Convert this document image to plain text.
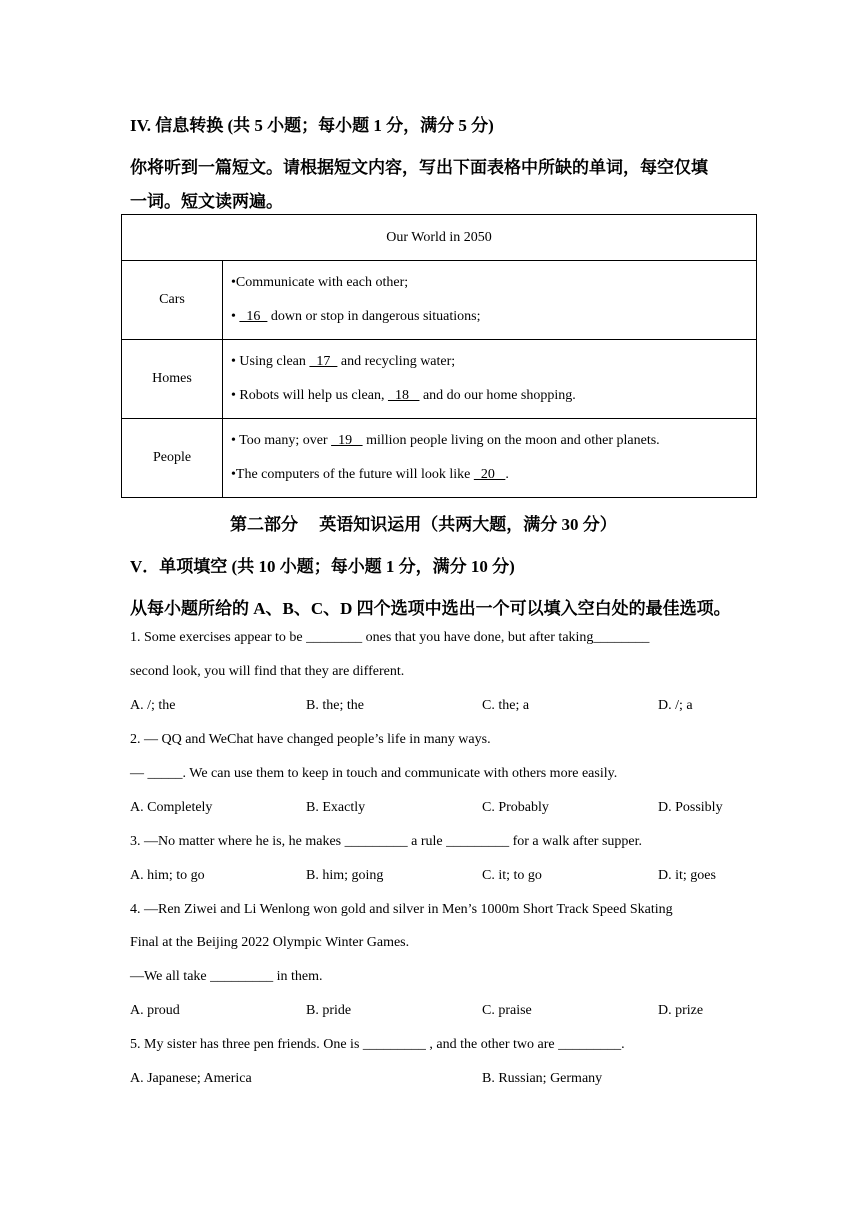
IV. 信息转换 (共 5 小题；每小题 1 分，满分 5 分)
你将听到一篇短文。请根据短文内容，写出下面表格中所缺的单词，每空仅填
一词。短文读两遍。
Our World in 2050	
Cars	•Communicate with each other;
•   16   down or stop in dangerous situations;

Homes	• Using clean   17   and recycling water;
• Robots will help us clean,   18    and do our home shopping.

People	• Too many; over   19    million people living on the moon and other planets.
•The computers of the future will look like   20   .
第二部分　 英语知识运用（共两大题，满分 30 分）
V．单项填空 (共 10 小题；每小题 1 分，满分 10 分)
从每小题所给的 A、B、C、D 四个选项中选出一个可以填入空白处的最佳选项。
1. Some exercises appear to be ________ ones that you have done, but after taking________
second look, you will find that they are different.
A. /; the	B. the; the	C. the; a	D. /; a
2. — QQ and WeChat have changed people’s life in many ways.
— _____. We can use them to keep in touch and communicate with others more easily.
A. Completely	B. Exactly	C. Probably	D. Possibly
3. —No matter where he is, he makes _________ a rule _________ for a walk after supper.
A. him; to go	B. him; going	C. it; to go	D. it; goes
4. —Ren Ziwei and Li Wenlong won gold and silver in Men’s 1000m Short Track Speed Skating
Final at the Beijing 2022 Olympic Winter Games.
—We all take _________ in them.
A. proud	B. pride	C. praise	D. prize
5. My sister has three pen friends. One is _________ , and the other two are _________.
A. Japanese; America	B. Russian; Germany
